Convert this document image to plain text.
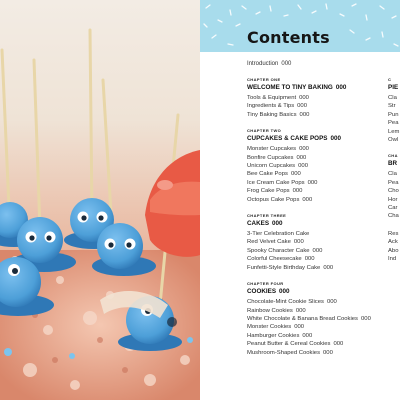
Contents
Introduction 000
CHAPTER ONE
WELCOME TO TINY BAKING 000
Tools & Equipment 000
Ingredients & Tips 000
Tiny Baking Basics 000
CHAPTER TWO
CUPCAKES & CAKE POPS 000
Monster Cupcakes 000
Bonfire Cupcakes 000
Unicorn Cupcakes 000
Bee Cake Pops 000
Ice Cream Cake Pops 000
Frog Cake Pops 000
Octopus Cake Pops 000
CHAPTER THREE
CAKES 000
3-Tier Celebration Cake
Red Velvet Cake 000
Spooky Character Cake 000
Colorful Cheesecake 000
Funfetti-Style Birthday Cake 000
CHAPTER FOUR
COOKIES 000
Chocolate-Mint Cookie Slices 000
Rainbow Cookies 000
White Chocolate & Banana Bread Cookies 000
Monster Cookies 000
Hamburger Cookies 000
Peanut Butter & Cereal Cookies 000
Mushroom-Shaped Cookies 000
C
PIE
Cla
Str
Pun
Pea
Lem
Owl
CHA
BR
Cla
Pea
Cho
Hor
Car
Cha
Res
Ack
Abo
Ind
